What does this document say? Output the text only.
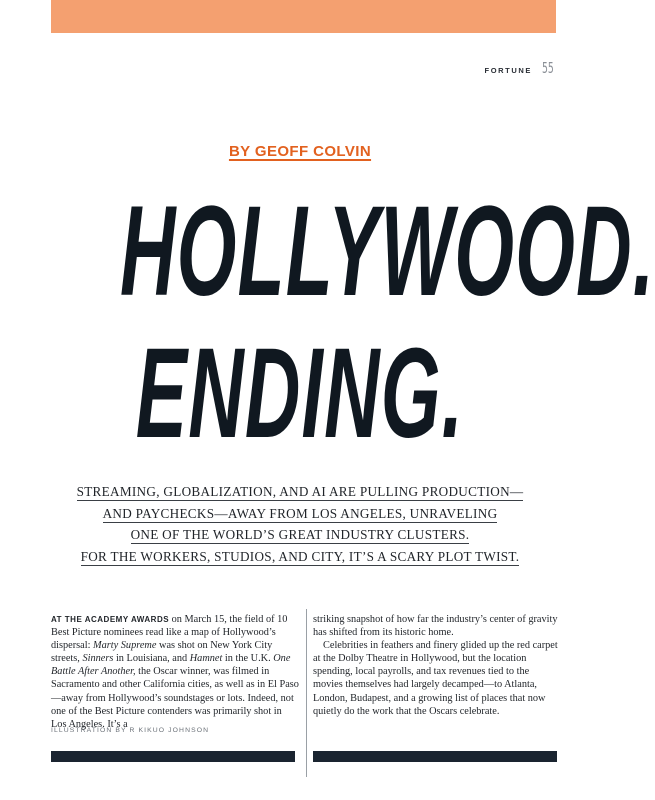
FORTUNE 55
BY GEOFF COLVIN
HOLLYWOOD.
ENDING.
STREAMING, GLOBALIZATION, AND AI ARE PULLING PRODUCTION—
AND PAYCHECKS—AWAY FROM LOS ANGELES, UNRAVELING
ONE OF THE WORLD’S GREAT INDUSTRY CLUSTERS.
FOR THE WORKERS, STUDIOS, AND CITY, IT’S A SCARY PLOT TWIST.

AT THE ACADEMY AWARDS on March 15, the field of 10 Best Picture nominees read like a map of Hollywood’s dispersal: Marty Supreme was shot on New York City streets, Sinners in Louisiana, and Hamnet in the U.K. One Battle After Another, the Oscar winner, was filmed in Sacramento and other California cities, as well as in El Paso—away from Hollywood’s soundstages or lots. Indeed, not one of the Best Picture contenders was primarily shot in Los Angeles. It’s a

striking snapshot of how far the industry’s center of gravity has shifted from its historic home.

Celebrities in feathers and finery glided up the red carpet at the Dolby Theatre in Hollywood, but the location spending, local payrolls, and tax revenues tied to the movies themselves had largely decamped—to Atlanta, London, Budapest, and a growing list of places that now quietly do the work that the Oscars celebrate.

ILLUSTRATION BY R KIKUO JOHNSON
